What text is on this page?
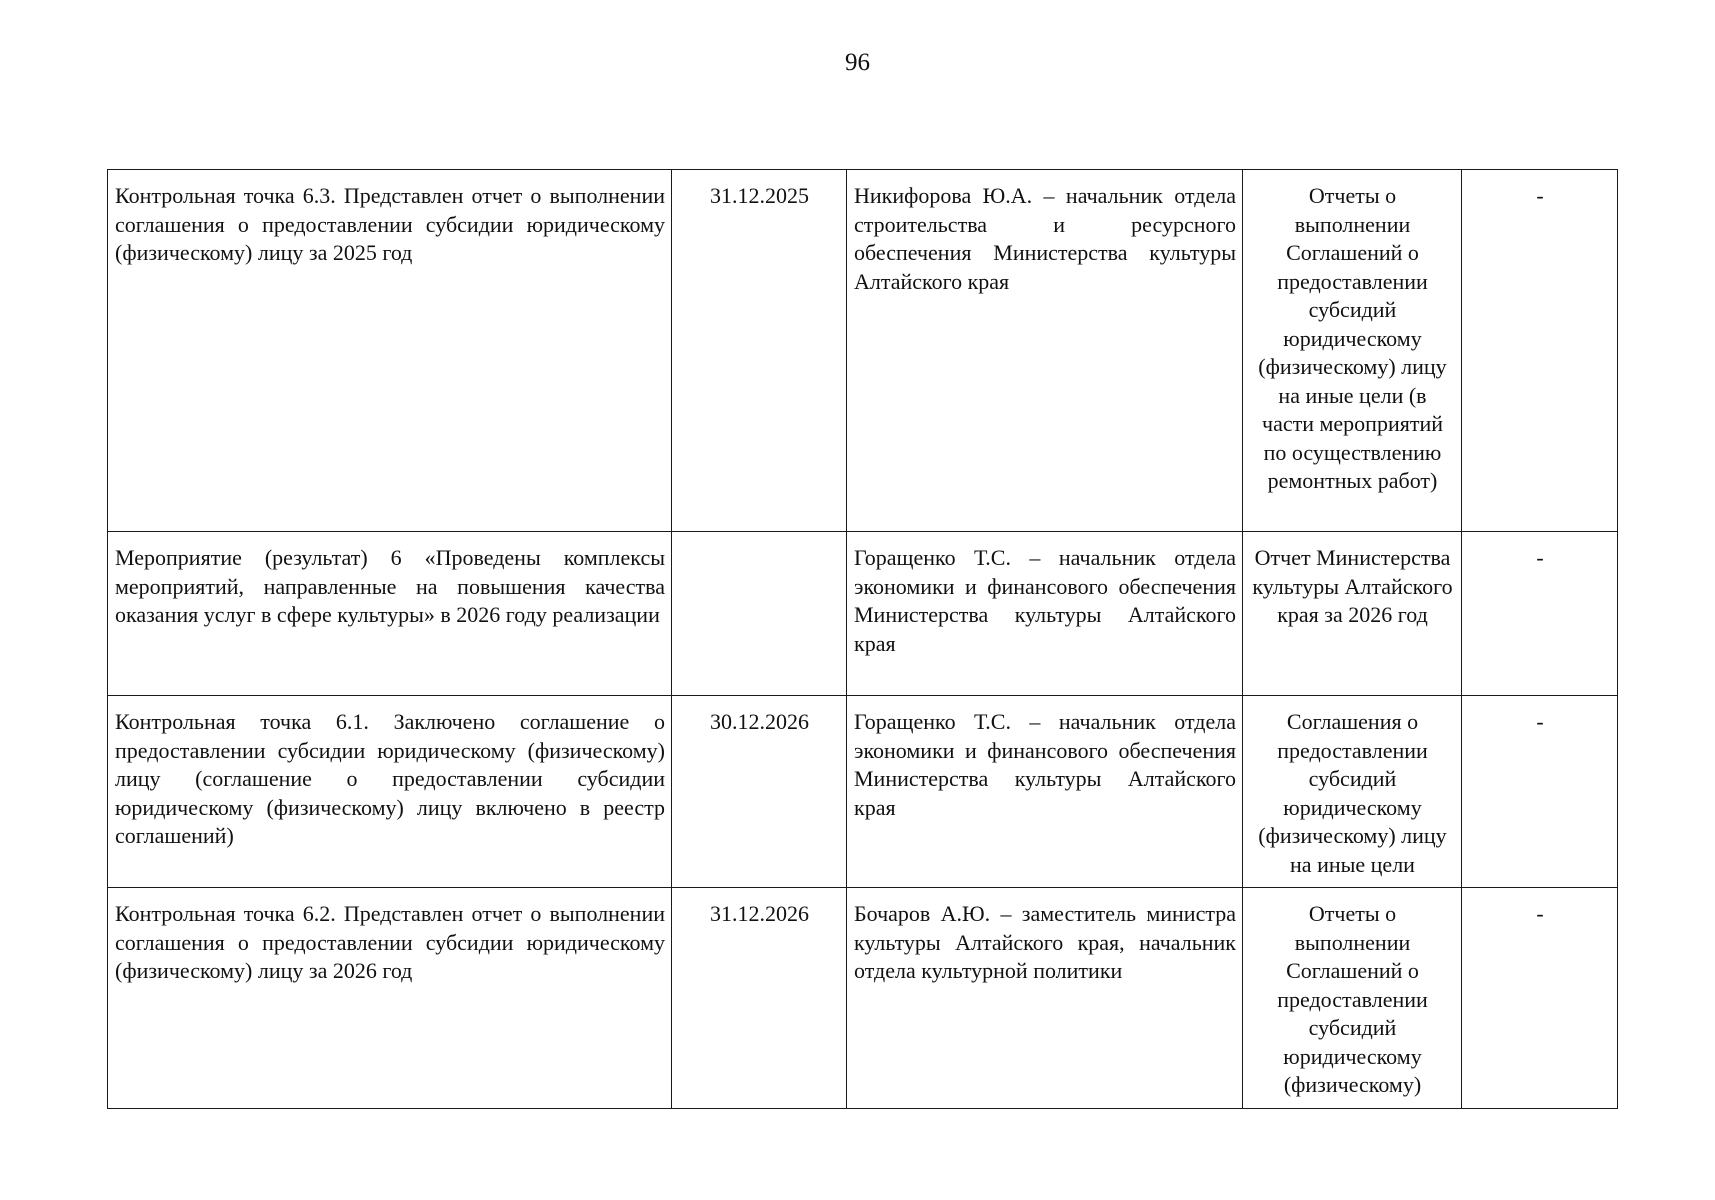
96
Контрольная точка 6.3. Представлен отчет о выполнении соглашения о предоставлении субсидии юридическому (физическому) лицу за 2025 год	31.12.2025	Никифорова Ю.А. – начальник отдела строительства и ресурсного обеспечения Министерства культуры Алтайского края	Отчеты о выполнении Соглашений о предоставлении субсидий юридическому (физическому) лицу на иные цели (в части мероприятий по осуществлению ремонтных работ)	-
Мероприятие (результат) 6 «Проведены комплексы мероприятий, направленные на повышения качества оказания услуг в сфере культуры» в 2026 году реализации		Горащенко Т.С. – начальник отдела экономики и финансового обеспечения Министерства культуры Алтайского края	Отчет Министерства культуры Алтайского края за 2026 год	-
Контрольная точка 6.1. Заключено соглашение о предоставлении субсидии юридическому (физическому) лицу (соглашение о предоставлении субсидии юридическому (физическому) лицу включено в реестр соглашений)	30.12.2026	Горащенко Т.С. – начальник отдела экономики и финансового обеспечения Министерства культуры Алтайского края	Соглашения о предоставлении субсидий юридическому (физическому) лицу на иные цели	-
Контрольная точка 6.2. Представлен отчет о выполнении соглашения о предоставлении субсидии юридическому (физическому) лицу за 2026 год	31.12.2026	Бочаров А.Ю. – заместитель министра культуры Алтайского края, начальник отдела культурной политики	Отчеты о выполнении Соглашений о предоставлении субсидий юридическому (физическому)	-
